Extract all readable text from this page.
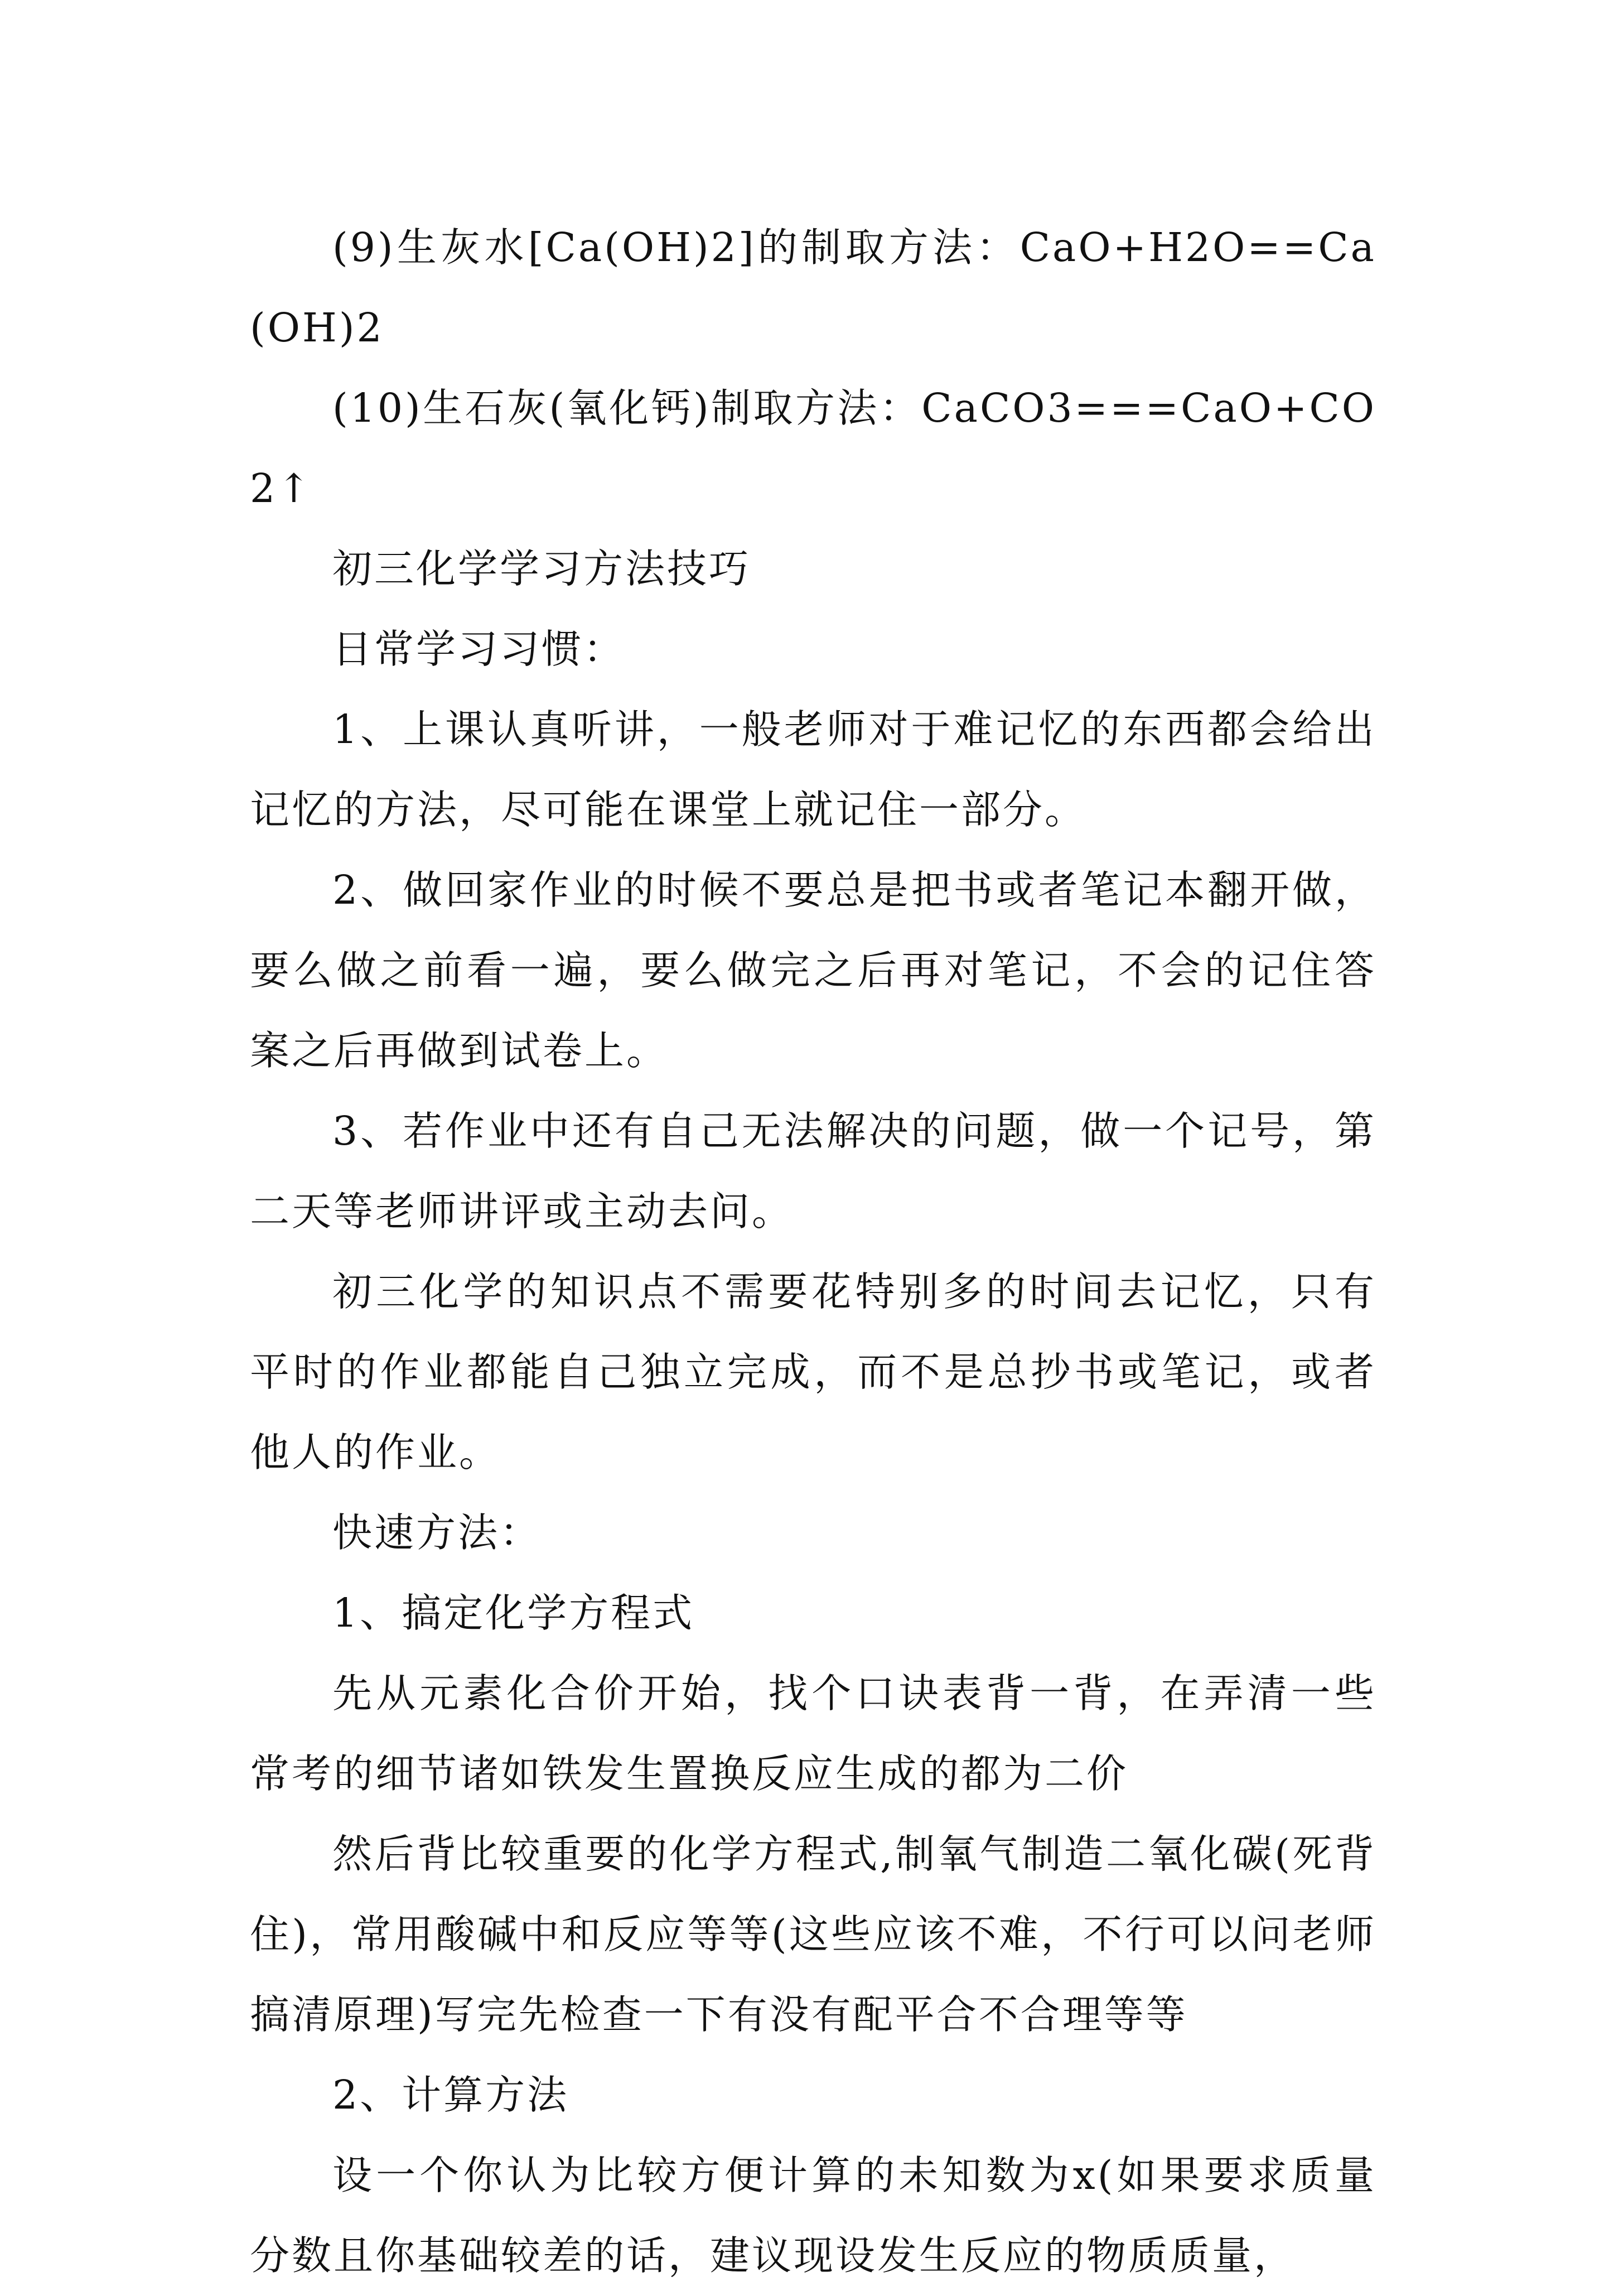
(9)生灰水[Ca(OH)2]的制取方法：CaO+H2O==Ca(OH)2

(10)生石灰(氧化钙)制取方法：CaCO3===CaO+CO2↑

初三化学学习方法技巧

日常学习习惯：

1、上课认真听讲，一般老师对于难记忆的东西都会给出记忆的方法，尽可能在课堂上就记住一部分。

2、做回家作业的时候不要总是把书或者笔记本翻开做，要么做之前看一遍，要么做完之后再对笔记，不会的记住答案之后再做到试卷上。

3、若作业中还有自己无法解决的问题，做一个记号，第二天等老师讲评或主动去问。

初三化学的知识点不需要花特别多的时间去记忆，只有平时的作业都能自己独立完成，而不是总抄书或笔记，或者他人的作业。

快速方法：

1、搞定化学方程式

先从元素化合价开始，找个口诀表背一背，在弄清一些常考的细节诸如铁发生置换反应生成的都为二价

然后背比较重要的化学方程式,制氧气制造二氧化碳(死背住)，常用酸碱中和反应等等(这些应该不难，不行可以问老师搞清原理)写完先检查一下有没有配平合不合理等等

2、计算方法

设一个你认为比较方便计算的未知数为x(如果要求质量分数且你基础较差的话，建议现设发生反应的物质质量，
